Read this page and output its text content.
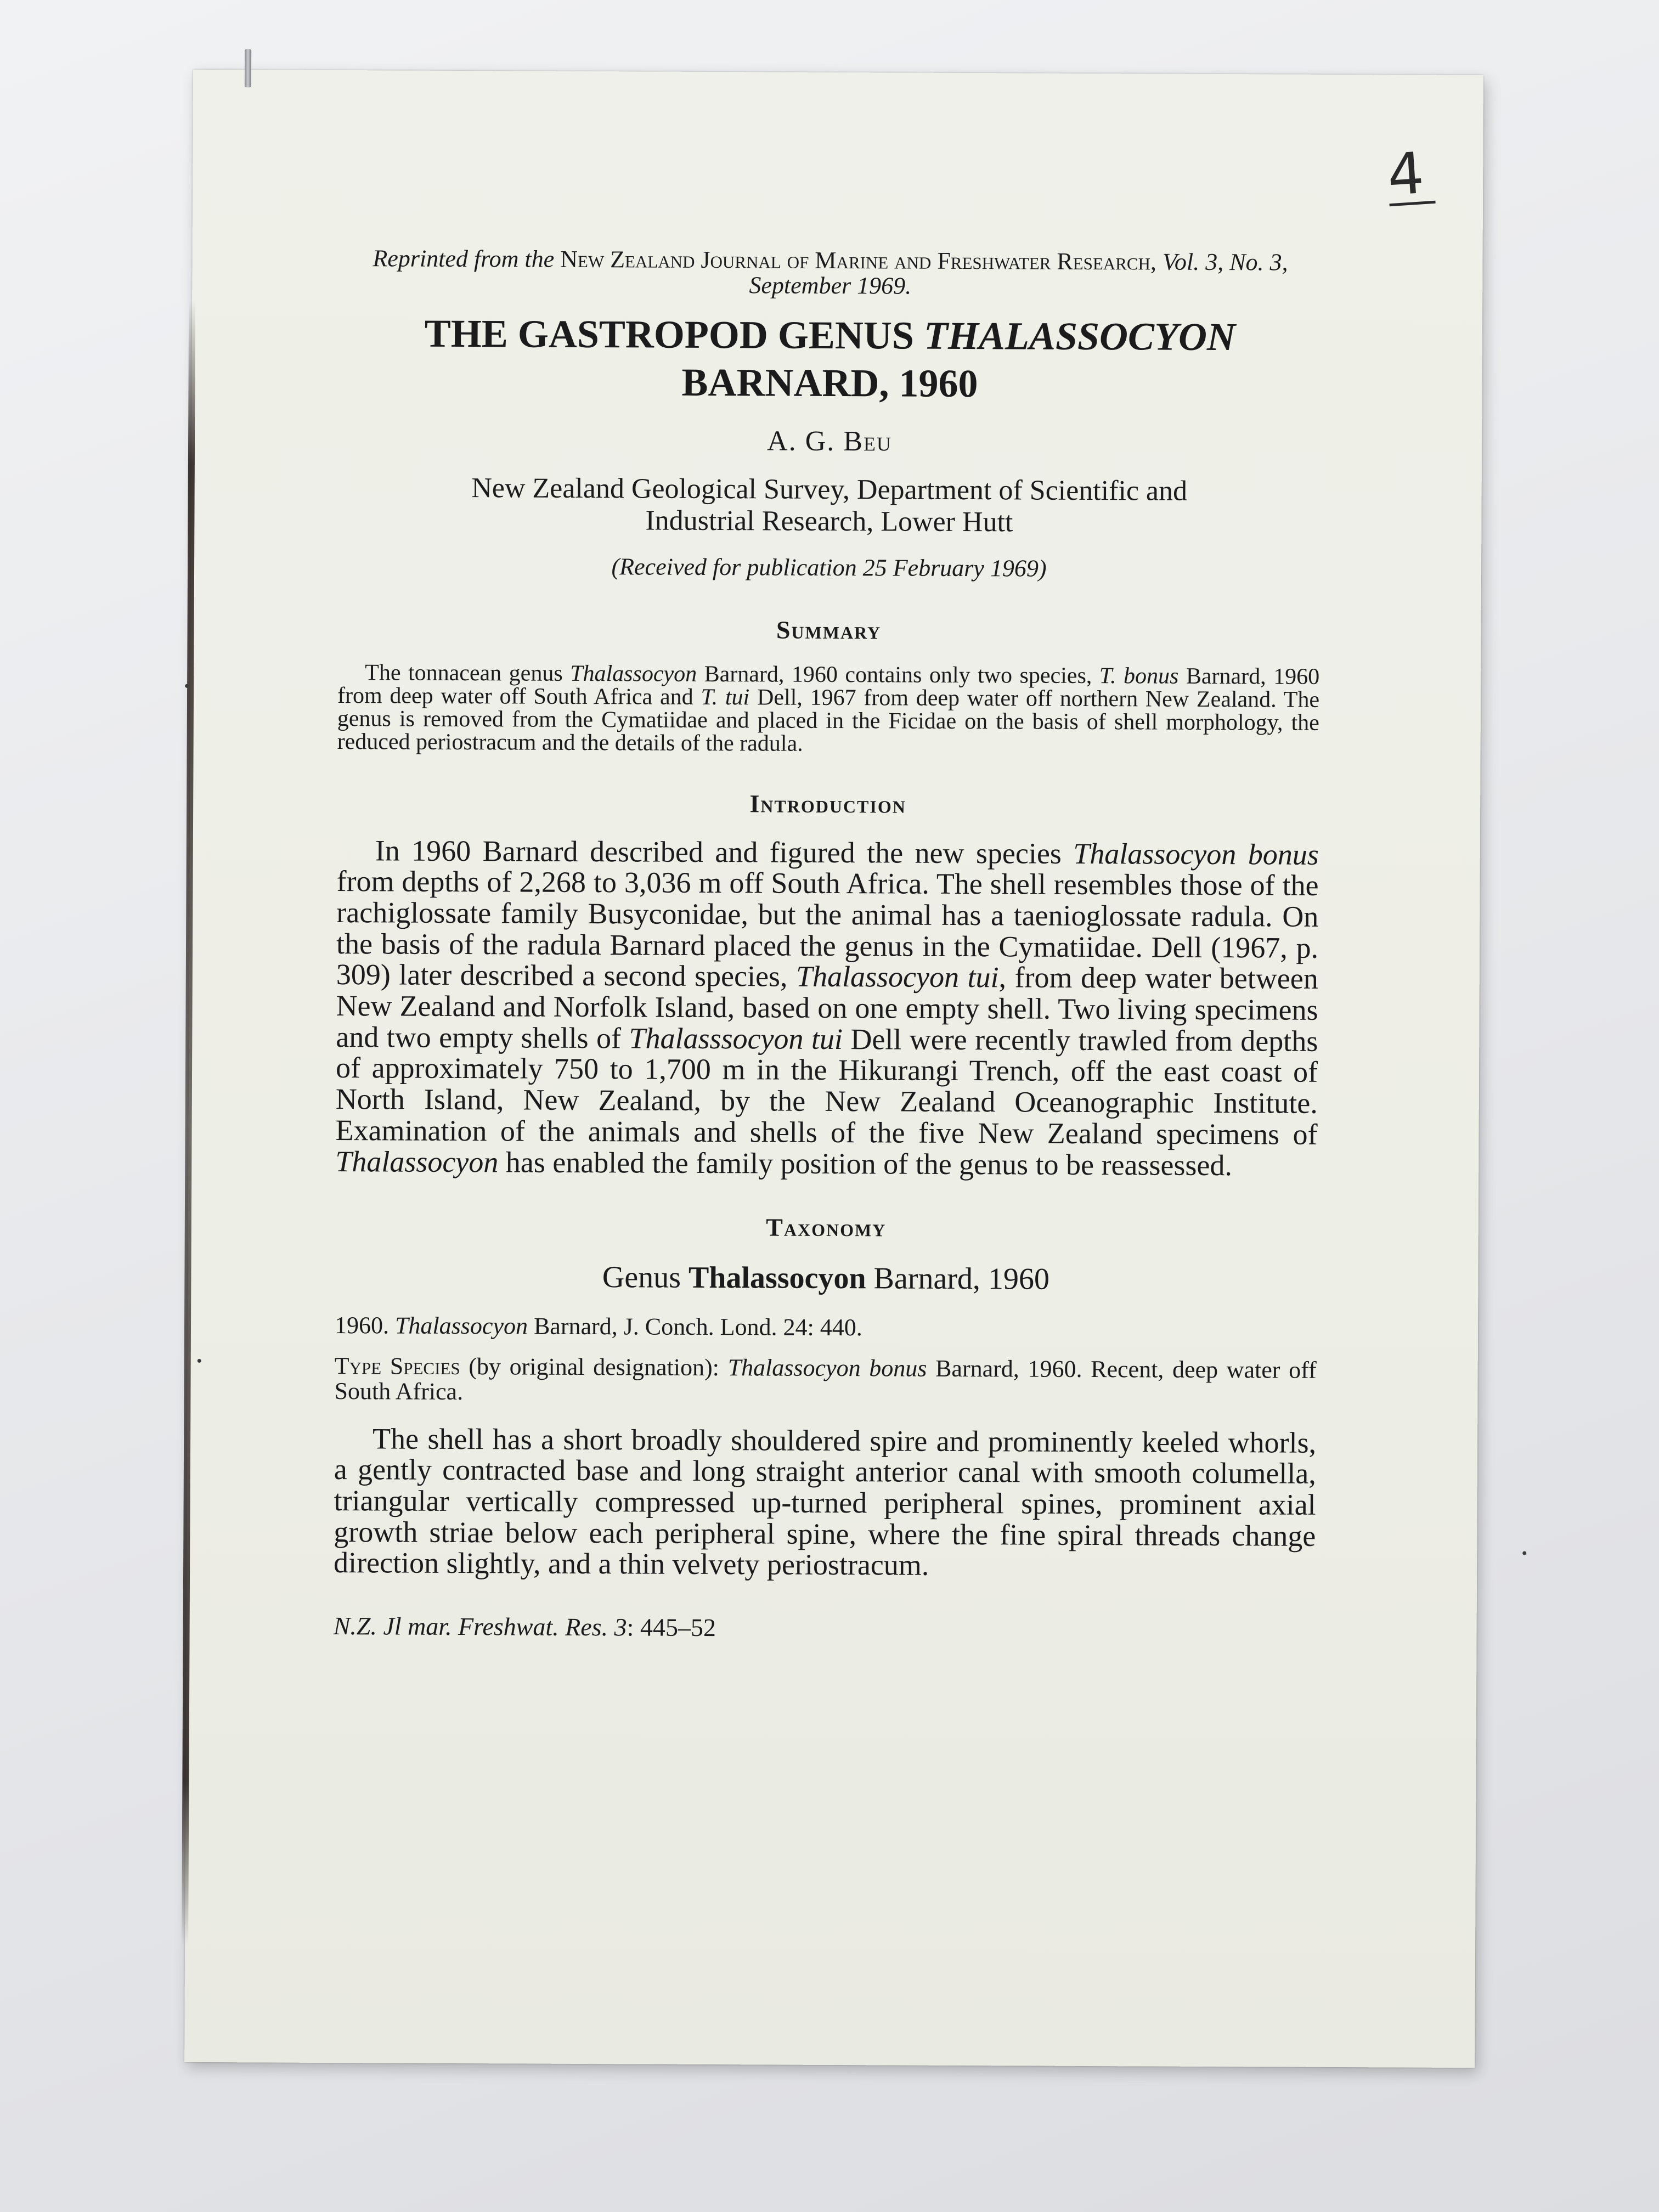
4

Reprinted from the New Zealand Journal of Marine and Freshwater Research, Vol. 3, No. 3, September 1969.

THE GASTROPOD GENUS THALASSOCYON
BARNARD, 1960

A. G. Beu

New Zealand Geological Survey, Department of Scientific and
Industrial Research, Lower Hutt

(Received for publication 25 February 1969)

Summary

The tonnacean genus Thalassocyon Barnard, 1960 contains only two species, T. bonus Barnard, 1960 from deep water off South Africa and T. tui Dell, 1967 from deep water off northern New Zealand. The genus is removed from the Cymatiidae and placed in the Ficidae on the basis of shell morphology, the reduced periostracum and the details of the radula.

Introduction

In 1960 Barnard described and figured the new species Thalassocyon bonus from depths of 2,268 to 3,036 m off South Africa. The shell resembles those of the rachiglossate family Busyconidae, but the animal has a taenioglossate radula. On the basis of the radula Barnard placed the genus in the Cymatiidae. Dell (1967, p. 309) later described a second species, Thalassocyon tui, from deep water between New Zealand and Norfolk Island, based on one empty shell. Two living specimens and two empty shells of Thalasssocyon tui Dell were recently trawled from depths of approximately 750 to 1,700 m in the Hikurangi Trench, off the east coast of North Island, New Zealand, by the New Zealand Oceanographic Institute. Examination of the animals and shells of the five New Zealand specimens of Thalassocyon has enabled the family position of the genus to be reassessed.

Taxonomy

Genus Thalassocyon Barnard, 1960

1960. Thalassocyon Barnard, J. Conch. Lond. 24: 440.

Type Species (by original designation): Thalassocyon bonus Barnard, 1960. Recent, deep water off South Africa.

The shell has a short broadly shouldered spire and prominently keeled whorls, a gently contracted base and long straight anterior canal with smooth columella, triangular vertically compressed up-turned peripheral spines, prominent axial growth striae below each peripheral spine, where the fine spiral threads change direction slightly, and a thin velvety periostracum.

N.Z. Jl mar. Freshwat. Res. 3: 445–52
